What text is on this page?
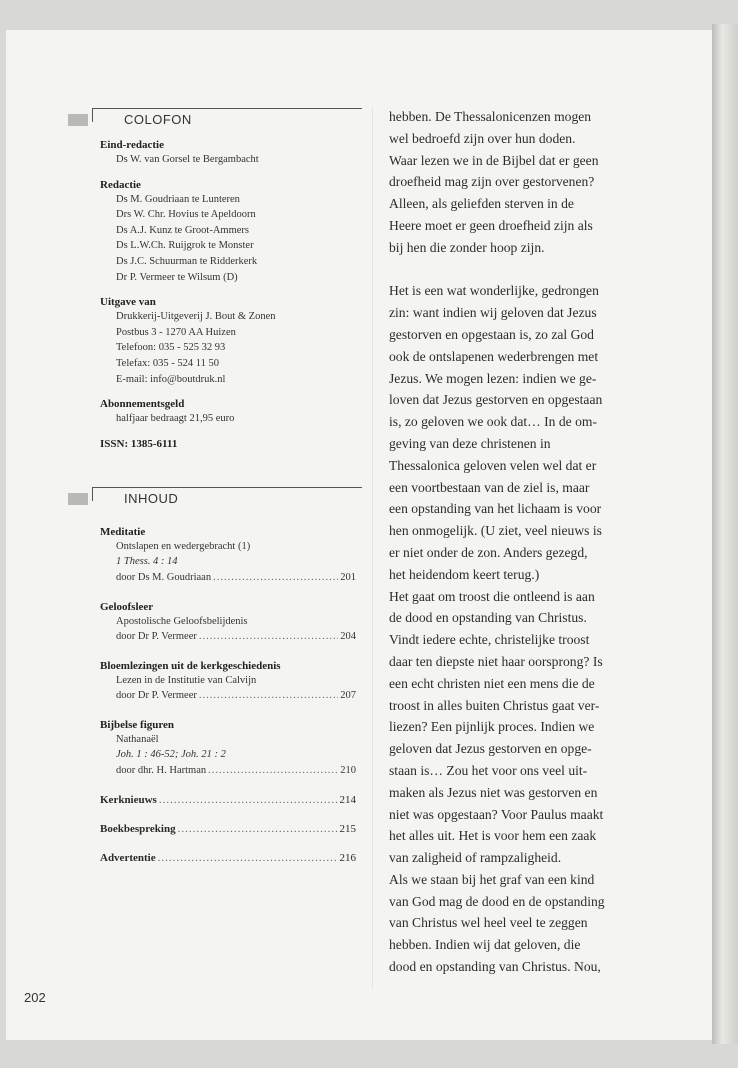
COLOFON
Eind-redactie
Ds W. van Gorsel te Bergambacht
Redactie
Ds M. Goudriaan te Lunteren
Drs W. Chr. Hovius te Apeldoorn
Ds A.J. Kunz te Groot-Ammers
Ds L.W.Ch. Ruijgrok te Monster
Ds J.C. Schuurman te Ridderkerk
Dr P. Vermeer te Wilsum (D)
Uitgave van
Drukkerij-Uitgeverij J. Bout & Zonen
Postbus 3 - 1270 AA Huizen
Telefoon: 035 - 525 32 93
Telefax: 035 - 524 11 50
E-mail: info@boutdruk.nl
Abonnementsgeld
halfjaar bedraagt 21,95 euro
ISSN: 1385-6111
INHOUD
Meditatie
Ontslapen en wedergebracht (1)
1 Thess. 4 : 14
door Ds M. Goudriaan .....	201
Geloofsleer
Apostolische Geloofsbelijdenis
door Dr P. Vermeer .....	204
Bloemlezingen uit de kerkgeschiedenis
Lezen in de Institutie van Calvijn
door Dr P. Vermeer .....	207
Bijbelse figuren
Nathanaël
Joh. 1 : 46-52; Joh. 21 : 2
door dhr. H. Hartman .....	210
Kerknieuws .....	214
Boekbespreking .....	215
Advertentie .....	216

hebben. De Thessalonicenzen mogen

wel bedroefd zijn over hun doden.

Waar lezen we in de Bijbel dat er geen

droefheid mag zijn over gestorvenen?

Alleen, als geliefden sterven in de

Heere moet er geen droefheid zijn als

bij hen die zonder hoop zijn.

Het is een wat wonderlijke, gedrongen

zin: want indien wij geloven dat Jezus

gestorven en opgestaan is, zo zal God

ook de ontslapenen wederbrengen met

Jezus. We mogen lezen: indien we ge-

loven dat Jezus gestorven en opgestaan

is, zo geloven we ook dat… In de om-

geving van deze christenen in

Thessalonica geloven velen wel dat er

een voortbestaan van de ziel is, maar

een opstanding van het lichaam is voor

hen onmogelijk. (U ziet, veel nieuws is

er niet onder de zon. Anders gezegd,

het heidendom keert terug.)

Het gaat om troost die ontleend is aan

de dood en opstanding van Christus.

Vindt iedere echte, christelijke troost

daar ten diepste niet haar oorsprong? Is

een echt christen niet een mens die de

troost in alles buiten Christus gaat ver-

liezen? Een pijnlijk proces. Indien we

geloven dat Jezus gestorven en opge-

staan is… Zou het voor ons veel uit-

maken als Jezus niet was gestorven en

niet was opgestaan? Voor Paulus maakt

het alles uit. Het is voor hem een zaak

van zaligheid of rampzaligheid.

Als we staan bij het graf van een kind

van God mag de dood en de opstanding

van Christus wel heel veel te zeggen

hebben. Indien wij dat geloven, die

dood en opstanding van Christus. Nou,

202
